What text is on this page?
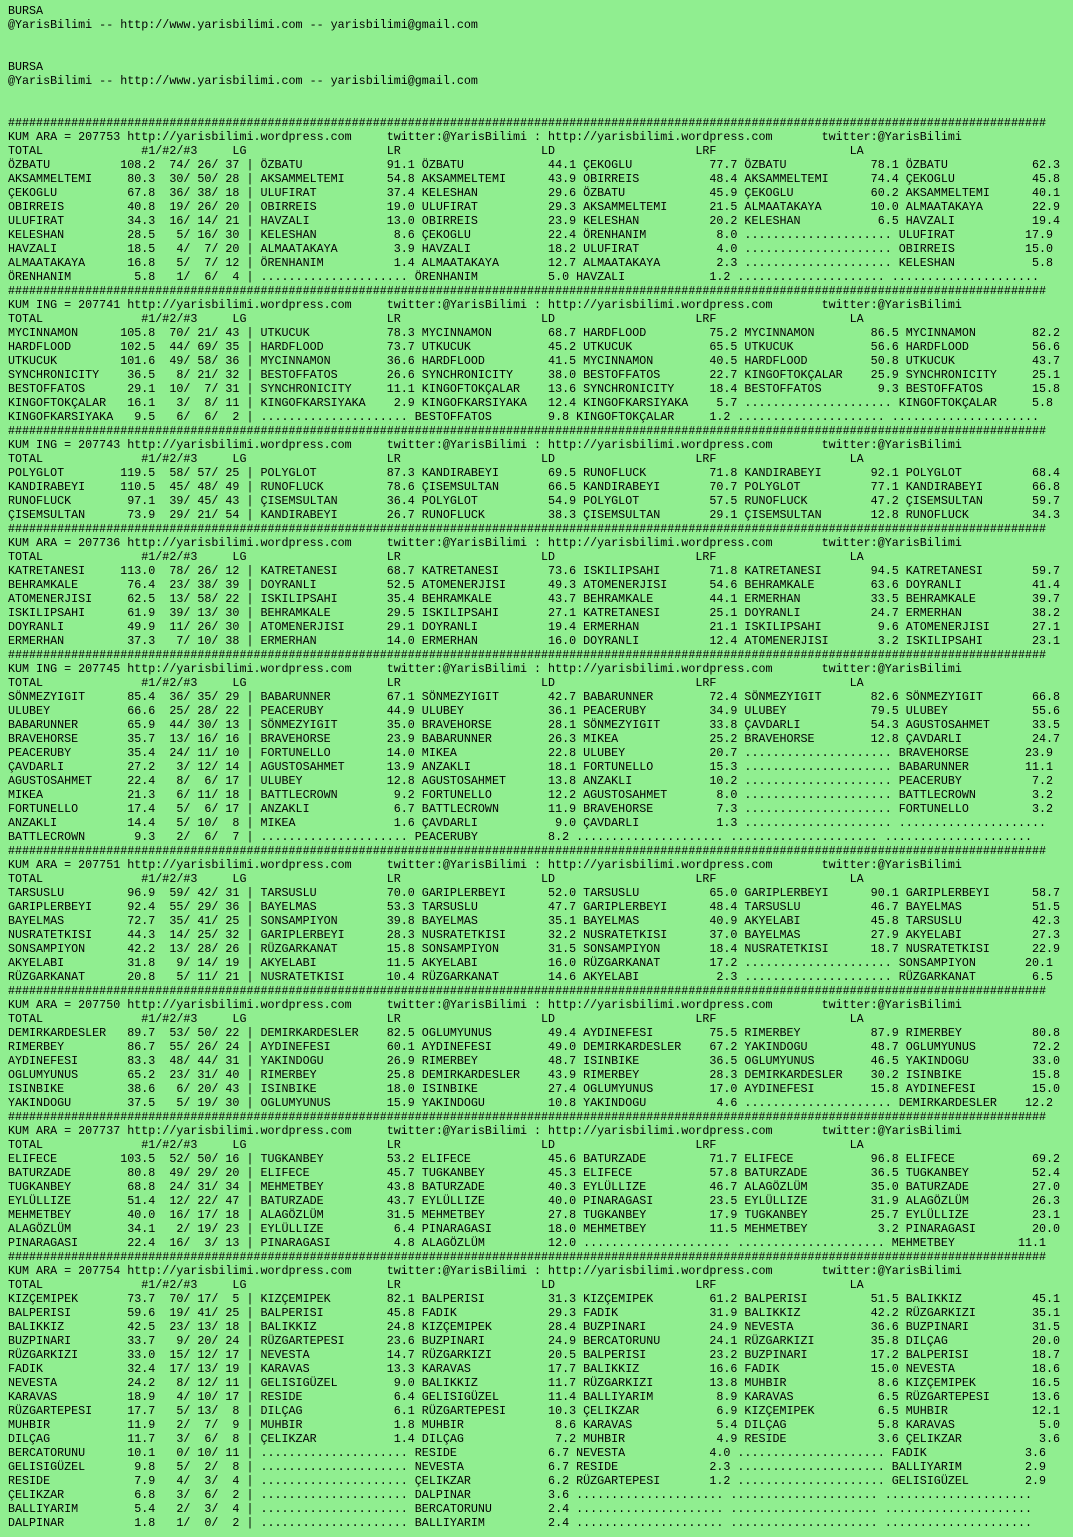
BURSA
@YarisBilimi -- http://www.yarisbilimi.com -- yarisbilimi@gmail.com

BURSA
@YarisBilimi -- http://www.yarisbilimi.com -- yarisbilimi@gmail.com

####################################################################################################################################################
KUM ARA = 207753 http://yarisbilimi.wordpress.com     twitter:@YarisBilimi : http://yarisbilimi.wordpress.com       twitter:@YarisBilimi
TOTAL              #1/#2/#3     LG                    LR                    LD                    LRF                   LA
ÖZBATU          108.2  74/ 26/ 37 | ÖZBATU            91.1 ÖZBATU            44.1 ÇEKOGLU           77.7 ÖZBATU            78.1 ÖZBATU            62.3
AKSAMMELTEMI     80.3  30/ 50/ 28 | AKSAMMELTEMI      54.8 AKSAMMELTEMI      43.9 OBIRREIS          48.4 AKSAMMELTEMI      74.4 ÇEKOGLU           45.8
ÇEKOGLU          67.8  36/ 38/ 18 | ULUFIRAT          37.4 KELESHAN          29.6 ÖZBATU            45.9 ÇEKOGLU           60.2 AKSAMMELTEMI      40.1
OBIRREIS         40.8  19/ 26/ 20 | OBIRREIS          19.0 ULUFIRAT          29.3 AKSAMMELTEMI      21.5 ALMAATAKAYA       10.0 ALMAATAKAYA       22.9
ULUFIRAT         34.3  16/ 14/ 21 | HAVZALI           13.0 OBIRREIS          23.9 KELESHAN          20.2 KELESHAN           6.5 HAVZALI           19.4
KELESHAN         28.5   5/ 16/ 30 | KELESHAN           8.6 ÇEKOGLU           22.4 ÖRENHANIM          8.0 ..................... ULUFIRAT          17.9
HAVZALI          18.5   4/  7/ 20 | ALMAATAKAYA        3.9 HAVZALI           18.2 ULUFIRAT           4.0 ..................... OBIRREIS          15.0
ALMAATAKAYA      16.8   5/  7/ 12 | ÖRENHANIM          1.4 ALMAATAKAYA       12.7 ALMAATAKAYA        2.3 ..................... KELESHAN           5.8
ÖRENHANIM         5.8   1/  6/  4 | ..................... ÖRENHANIM          5.0 HAVZALI            1.2 ..................... .....................
####################################################################################################################################################
KUM ING = 207741 http://yarisbilimi.wordpress.com     twitter:@YarisBilimi : http://yarisbilimi.wordpress.com       twitter:@YarisBilimi
TOTAL              #1/#2/#3     LG                    LR                    LD                    LRF                   LA
MYCINNAMON      105.8  70/ 21/ 43 | UTKUCUK           78.3 MYCINNAMON        68.7 HARDFLOOD         75.2 MYCINNAMON        86.5 MYCINNAMON        82.2
HARDFLOOD       102.5  44/ 69/ 35 | HARDFLOOD         73.7 UTKUCUK           45.2 UTKUCUK           65.5 UTKUCUK           56.6 HARDFLOOD         56.6
UTKUCUK         101.6  49/ 58/ 36 | MYCINNAMON        36.6 HARDFLOOD         41.5 MYCINNAMON        40.5 HARDFLOOD         50.8 UTKUCUK           43.7
SYNCHRONICITY    36.5   8/ 21/ 32 | BESTOFFATOS       26.6 SYNCHRONICITY     38.0 BESTOFFATOS       22.7 KINGOFTOKÇALAR    25.9 SYNCHRONICITY     25.1
BESTOFFATOS      29.1  10/  7/ 31 | SYNCHRONICITY     11.1 KINGOFTOKÇALAR    13.6 SYNCHRONICITY     18.4 BESTOFFATOS        9.3 BESTOFFATOS       15.8
KINGOFTOKÇALAR   16.1   3/  8/ 11 | KINGOFKARSIYAKA    2.9 KINGOFKARSIYAKA   12.4 KINGOFKARSIYAKA    5.7 ..................... KINGOFTOKÇALAR     5.8
KINGOFKARSIYAKA   9.5   6/  6/  2 | ..................... BESTOFFATOS        9.8 KINGOFTOKÇALAR     1.2 ..................... .....................
####################################################################################################################################################
KUM ING = 207743 http://yarisbilimi.wordpress.com     twitter:@YarisBilimi : http://yarisbilimi.wordpress.com       twitter:@YarisBilimi
TOTAL              #1/#2/#3     LG                    LR                    LD                    LRF                   LA
POLYGLOT        119.5  58/ 57/ 25 | POLYGLOT          87.3 KANDIRABEYI       69.5 RUNOFLUCK         71.8 KANDIRABEYI       92.1 POLYGLOT          68.4
KANDIRABEYI     110.5  45/ 48/ 49 | RUNOFLUCK         78.6 ÇISEMSULTAN       66.5 KANDIRABEYI       70.7 POLYGLOT          77.1 KANDIRABEYI       66.8
RUNOFLUCK        97.1  39/ 45/ 43 | ÇISEMSULTAN       36.4 POLYGLOT          54.9 POLYGLOT          57.5 RUNOFLUCK         47.2 ÇISEMSULTAN       59.7
ÇISEMSULTAN      73.9  29/ 21/ 54 | KANDIRABEYI       26.7 RUNOFLUCK         38.3 ÇISEMSULTAN       29.1 ÇISEMSULTAN       12.8 RUNOFLUCK         34.3
####################################################################################################################################################
KUM ARA = 207736 http://yarisbilimi.wordpress.com     twitter:@YarisBilimi : http://yarisbilimi.wordpress.com       twitter:@YarisBilimi
TOTAL              #1/#2/#3     LG                    LR                    LD                    LRF                   LA
KATRETANESI     113.0  78/ 26/ 12 | KATRETANESI       68.7 KATRETANESI       73.6 ISKILIPSAHI       71.8 KATRETANESI       94.5 KATRETANESI       59.7
BEHRAMKALE       76.4  23/ 38/ 39 | DOYRANLI          52.5 ATOMENERJISI      49.3 ATOMENERJISI      54.6 BEHRAMKALE        63.6 DOYRANLI          41.4
ATOMENERJISI     62.5  13/ 58/ 22 | ISKILIPSAHI       35.4 BEHRAMKALE        43.7 BEHRAMKALE        44.1 ERMERHAN          33.5 BEHRAMKALE        39.7
ISKILIPSAHI      61.9  39/ 13/ 30 | BEHRAMKALE        29.5 ISKILIPSAHI       27.1 KATRETANESI       25.1 DOYRANLI          24.7 ERMERHAN          38.2
DOYRANLI         49.9  11/ 26/ 30 | ATOMENERJISI      29.1 DOYRANLI          19.4 ERMERHAN          21.1 ISKILIPSAHI        9.6 ATOMENERJISI      27.1
ERMERHAN         37.3   7/ 10/ 38 | ERMERHAN          14.0 ERMERHAN          16.0 DOYRANLI          12.4 ATOMENERJISI       3.2 ISKILIPSAHI       23.1
####################################################################################################################################################
KUM ING = 207745 http://yarisbilimi.wordpress.com     twitter:@YarisBilimi : http://yarisbilimi.wordpress.com       twitter:@YarisBilimi
TOTAL              #1/#2/#3     LG                    LR                    LD                    LRF                   LA
SÖNMEZYIGIT      85.4  36/ 35/ 29 | BABARUNNER        67.1 SÖNMEZYIGIT       42.7 BABARUNNER        72.4 SÖNMEZYIGIT       82.6 SÖNMEZYIGIT       66.8
ULUBEY           66.6  25/ 28/ 22 | PEACERUBY         44.9 ULUBEY            36.1 PEACERUBY         34.9 ULUBEY            79.5 ULUBEY            55.6
BABARUNNER       65.9  44/ 30/ 13 | SÖNMEZYIGIT       35.0 BRAVEHORSE        28.1 SÖNMEZYIGIT       33.8 ÇAVDARLI          54.3 AGUSTOSAHMET      33.5
BRAVEHORSE       35.7  13/ 16/ 16 | BRAVEHORSE        23.9 BABARUNNER        26.3 MIKEA             25.2 BRAVEHORSE        12.8 ÇAVDARLI          24.7
PEACERUBY        35.4  24/ 11/ 10 | FORTUNELLO        14.0 MIKEA             22.8 ULUBEY            20.7 ..................... BRAVEHORSE        23.9
ÇAVDARLI         27.2   3/ 12/ 14 | AGUSTOSAHMET      13.9 ANZAKLI           18.1 FORTUNELLO        15.3 ..................... BABARUNNER        11.1
AGUSTOSAHMET     22.4   8/  6/ 17 | ULUBEY            12.8 AGUSTOSAHMET      13.8 ANZAKLI           10.2 ..................... PEACERUBY          7.2
MIKEA            21.3   6/ 11/ 18 | BATTLECROWN        9.2 FORTUNELLO        12.2 AGUSTOSAHMET       8.0 ..................... BATTLECROWN        3.2
FORTUNELLO       17.4   5/  6/ 17 | ANZAKLI            6.7 BATTLECROWN       11.9 BRAVEHORSE         7.3 ..................... FORTUNELLO         3.2
ANZAKLI          14.4   5/ 10/  8 | MIKEA              1.6 ÇAVDARLI           9.0 ÇAVDARLI           1.3 ..................... .....................
BATTLECROWN       9.3   2/  6/  7 | ..................... PEACERUBY          8.2 ..................... ..................... .....................
####################################################################################################################################################
KUM ARA = 207751 http://yarisbilimi.wordpress.com     twitter:@YarisBilimi : http://yarisbilimi.wordpress.com       twitter:@YarisBilimi
TOTAL              #1/#2/#3     LG                    LR                    LD                    LRF                   LA
TARSUSLU         96.9  59/ 42/ 31 | TARSUSLU          70.0 GARIPLERBEYI      52.0 TARSUSLU          65.0 GARIPLERBEYI      90.1 GARIPLERBEYI      58.7
GARIPLERBEYI     92.4  55/ 29/ 36 | BAYELMAS          53.3 TARSUSLU          47.7 GARIPLERBEYI      48.4 TARSUSLU          46.7 BAYELMAS          51.5
BAYELMAS         72.7  35/ 41/ 25 | SONSAMPIYON       39.8 BAYELMAS          35.1 BAYELMAS          40.9 AKYELABI          45.8 TARSUSLU          42.3
NUSRATETKISI     44.3  14/ 25/ 32 | GARIPLERBEYI      28.3 NUSRATETKISI      32.2 NUSRATETKISI      37.0 BAYELMAS          27.9 AKYELABI          27.3
SONSAMPIYON      42.2  13/ 28/ 26 | RÜZGARKANAT       15.8 SONSAMPIYON       31.5 SONSAMPIYON       18.4 NUSRATETKISI      18.7 NUSRATETKISI      22.9
AKYELABI         31.8   9/ 14/ 19 | AKYELABI          11.5 AKYELABI          16.0 RÜZGARKANAT       17.2 ..................... SONSAMPIYON       20.1
RÜZGARKANAT      20.8   5/ 11/ 21 | NUSRATETKISI      10.4 RÜZGARKANAT       14.6 AKYELABI           2.3 ..................... RÜZGARKANAT        6.5
####################################################################################################################################################
KUM ARA = 207750 http://yarisbilimi.wordpress.com     twitter:@YarisBilimi : http://yarisbilimi.wordpress.com       twitter:@YarisBilimi
TOTAL              #1/#2/#3     LG                    LR                    LD                    LRF                   LA
DEMIRKARDESLER   89.7  53/ 50/ 22 | DEMIRKARDESLER    82.5 OGLUMYUNUS        49.4 AYDINEFESI        75.5 RIMERBEY          87.9 RIMERBEY          80.8
RIMERBEY         86.7  55/ 26/ 24 | AYDINEFESI        60.1 AYDINEFESI        49.0 DEMIRKARDESLER    67.2 YAKINDOGU         48.7 OGLUMYUNUS        72.2
AYDINEFESI       83.3  48/ 44/ 31 | YAKINDOGU         26.9 RIMERBEY          48.7 ISINBIKE          36.5 OGLUMYUNUS        46.5 YAKINDOGU         33.0
OGLUMYUNUS       65.2  23/ 31/ 40 | RIMERBEY          25.8 DEMIRKARDESLER    43.9 RIMERBEY          28.3 DEMIRKARDESLER    30.2 ISINBIKE          15.8
ISINBIKE         38.6   6/ 20/ 43 | ISINBIKE          18.0 ISINBIKE          27.4 OGLUMYUNUS        17.0 AYDINEFESI        15.8 AYDINEFESI        15.0
YAKINDOGU        37.5   5/ 19/ 30 | OGLUMYUNUS        15.9 YAKINDOGU         10.8 YAKINDOGU          4.6 ..................... DEMIRKARDESLER    12.2
####################################################################################################################################################
KUM ARA = 207737 http://yarisbilimi.wordpress.com     twitter:@YarisBilimi : http://yarisbilimi.wordpress.com       twitter:@YarisBilimi
TOTAL              #1/#2/#3     LG                    LR                    LD                    LRF                   LA
ELIFECE         103.5  52/ 50/ 16 | TUGKANBEY         53.2 ELIFECE           45.6 BATURZADE         71.7 ELIFECE           96.8 ELIFECE           69.2
BATURZADE        80.8  49/ 29/ 20 | ELIFECE           45.7 TUGKANBEY         45.3 ELIFECE           57.8 BATURZADE         36.5 TUGKANBEY         52.4
TUGKANBEY        68.8  24/ 31/ 34 | MEHMETBEY         43.8 BATURZADE         40.3 EYLÜLLIZE         46.7 ALAGÖZLÜM         35.0 BATURZADE         27.0
EYLÜLLIZE        51.4  12/ 22/ 47 | BATURZADE         43.7 EYLÜLLIZE         40.0 PINARAGASI        23.5 EYLÜLLIZE         31.9 ALAGÖZLÜM         26.3
MEHMETBEY        40.0  16/ 17/ 18 | ALAGÖZLÜM         31.5 MEHMETBEY         27.8 TUGKANBEY         17.9 TUGKANBEY         25.7 EYLÜLLIZE         23.1
ALAGÖZLÜM        34.1   2/ 19/ 23 | EYLÜLLIZE          6.4 PINARAGASI        18.0 MEHMETBEY         11.5 MEHMETBEY          3.2 PINARAGASI        20.0
PINARAGASI       22.4  16/  3/ 13 | PINARAGASI         4.8 ALAGÖZLÜM         12.0 ..................... ..................... MEHMETBEY         11.1
####################################################################################################################################################
KUM ARA = 207754 http://yarisbilimi.wordpress.com     twitter:@YarisBilimi : http://yarisbilimi.wordpress.com       twitter:@YarisBilimi
TOTAL              #1/#2/#3     LG                    LR                    LD                    LRF                   LA
KIZÇEMIPEK       73.7  70/ 17/  5 | KIZÇEMIPEK        82.1 BALPERISI         31.3 KIZÇEMIPEK        61.2 BALPERISI         51.5 BALIKKIZ          45.1
BALPERISI        59.6  19/ 41/ 25 | BALPERISI         45.8 FADIK             29.3 FADIK             31.9 BALIKKIZ          42.2 RÜZGARKIZI        35.1
BALIKKIZ         42.5  23/ 13/ 18 | BALIKKIZ          24.8 KIZÇEMIPEK        28.4 BUZPINARI         24.9 NEVESTA           36.6 BUZPINARI         31.5
BUZPINARI        33.7   9/ 20/ 24 | RÜZGARTEPESI      23.6 BUZPINARI         24.9 BERCATORUNU       24.1 RÜZGARKIZI        35.8 DILÇAG            20.0
RÜZGARKIZI       33.0  15/ 12/ 17 | NEVESTA           14.7 RÜZGARKIZI        20.5 BALPERISI         23.2 BUZPINARI         17.2 BALPERISI         18.7
FADIK            32.4  17/ 13/ 19 | KARAVAS           13.3 KARAVAS           17.7 BALIKKIZ          16.6 FADIK             15.0 NEVESTA           18.6
NEVESTA          24.2   8/ 12/ 11 | GELISIGÜZEL        9.0 BALIKKIZ          11.7 RÜZGARKIZI        13.8 MUHBIR             8.6 KIZÇEMIPEK        16.5
KARAVAS          18.9   4/ 10/ 17 | RESIDE             6.4 GELISIGÜZEL       11.4 BALLIYARIM         8.9 KARAVAS            6.5 RÜZGARTEPESI      13.6
RÜZGARTEPESI     17.7   5/ 13/  8 | DILÇAG             6.1 RÜZGARTEPESI      10.3 ÇELIKZAR           6.9 KIZÇEMIPEK         6.5 MUHBIR            12.1
MUHBIR           11.9   2/  7/  9 | MUHBIR             1.8 MUHBIR             8.6 KARAVAS            5.4 DILÇAG             5.8 KARAVAS            5.0
DILÇAG           11.7   3/  6/  8 | ÇELIKZAR           1.4 DILÇAG             7.2 MUHBIR             4.9 RESIDE             3.6 ÇELIKZAR           3.6
BERCATORUNU      10.1   0/ 10/ 11 | ..................... RESIDE             6.7 NEVESTA            4.0 ..................... FADIK              3.6
GELISIGÜZEL       9.8   5/  2/  8 | ..................... NEVESTA            6.7 RESIDE             2.3 ..................... BALLIYARIM         2.9
RESIDE            7.9   4/  3/  4 | ..................... ÇELIKZAR           6.2 RÜZGARTEPESI       1.2 ..................... GELISIGÜZEL        2.9
ÇELIKZAR          6.8   3/  6/  2 | ..................... DALPINAR           3.6 ..................... ..................... .....................
BALLIYARIM        5.4   2/  3/  4 | ..................... BERCATORUNU        2.4 ..................... ..................... .....................
DALPINAR          1.8   1/  0/  2 | ..................... BALLIYARIM         2.4 ..................... ..................... .....................
